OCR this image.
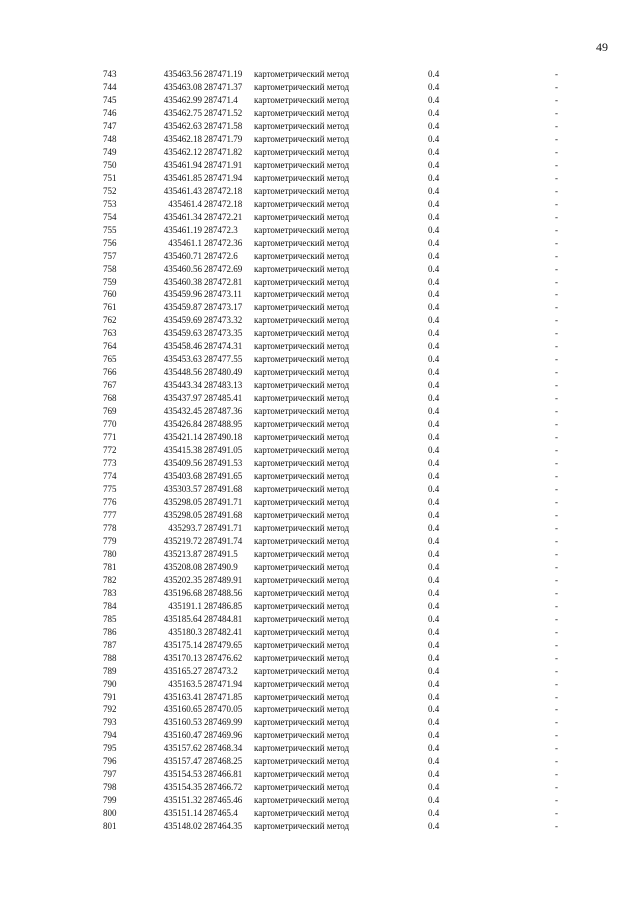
49
743	435463.56 287471.19 картометрический метод	0.4	-
744	435463.08 287471.37 картометрический метод	0.4	-
745	435462.99 287471.4 картометрический метод	0.4	-
746	435462.75 287471.52 картометрический метод	0.4	-
747	435462.63 287471.58 картометрический метод	0.4	-
748	435462.18 287471.79 картометрический метод	0.4	-
749	435462.12 287471.82 картометрический метод	0.4	-
750	435461.94 287471.91 картометрический метод	0.4	-
751	435461.85 287471.94 картометрический метод	0.4	-
752	435461.43 287472.18 картометрический метод	0.4	-
753	435461.4 287472.18 картометрический метод	0.4	-
754	435461.34 287472.21 картометрический метод	0.4	-
755	435461.19 287472.3 картометрический метод	0.4	-
756	435461.1 287472.36 картометрический метод	0.4	-
757	435460.71 287472.6 картометрический метод	0.4	-
758	435460.56 287472.69 картометрический метод	0.4	-
759	435460.38 287472.81 картометрический метод	0.4	-
760	435459.96 287473.11 картометрический метод	0.4	-
761	435459.87 287473.17 картометрический метод	0.4	-
762	435459.69 287473.32 картометрический метод	0.4	-
763	435459.63 287473.35 картометрический метод	0.4	-
764	435458.46 287474.31 картометрический метод	0.4	-
765	435453.63 287477.55 картометрический метод	0.4	-
766	435448.56 287480.49 картометрический метод	0.4	-
767	435443.34 287483.13 картометрический метод	0.4	-
768	435437.97 287485.41 картометрический метод	0.4	-
769	435432.45 287487.36 картометрический метод	0.4	-
770	435426.84 287488.95 картометрический метод	0.4	-
771	435421.14 287490.18 картометрический метод	0.4	-
772	435415.38 287491.05 картометрический метод	0.4	-
773	435409.56 287491.53 картометрический метод	0.4	-
774	435403.68 287491.65 картометрический метод	0.4	-
775	435303.57 287491.68 картометрический метод	0.4	-
776	435298.05 287491.71 картометрический метод	0.4	-
777	435298.05 287491.68 картометрический метод	0.4	-
778	435293.7 287491.71 картометрический метод	0.4	-
779	435219.72 287491.74 картометрический метод	0.4	-
780	435213.87 287491.5 картометрический метод	0.4	-
781	435208.08 287490.9 картометрический метод	0.4	-
782	435202.35 287489.91 картометрический метод	0.4	-
783	435196.68 287488.56 картометрический метод	0.4	-
784	435191.1 287486.85 картометрический метод	0.4	-
785	435185.64 287484.81 картометрический метод	0.4	-
786	435180.3 287482.41 картометрический метод	0.4	-
787	435175.14 287479.65 картометрический метод	0.4	-
788	435170.13 287476.62 картометрический метод	0.4	-
789	435165.27 287473.2 картометрический метод	0.4	-
790	435163.5 287471.94 картометрический метод	0.4	-
791	435163.41 287471.85 картометрический метод	0.4	-
792	435160.65 287470.05 картометрический метод	0.4	-
793	435160.53 287469.99 картометрический метод	0.4	-
794	435160.47 287469.96 картометрический метод	0.4	-
795	435157.62 287468.34 картометрический метод	0.4	-
796	435157.47 287468.25 картометрический метод	0.4	-
797	435154.53 287466.81 картометрический метод	0.4	-
798	435154.35 287466.72 картометрический метод	0.4	-
799	435151.32 287465.46 картометрический метод	0.4	-
800	435151.14 287465.4 картометрический метод	0.4	-
801	435148.02 287464.35 картометрический метод	0.4	-
